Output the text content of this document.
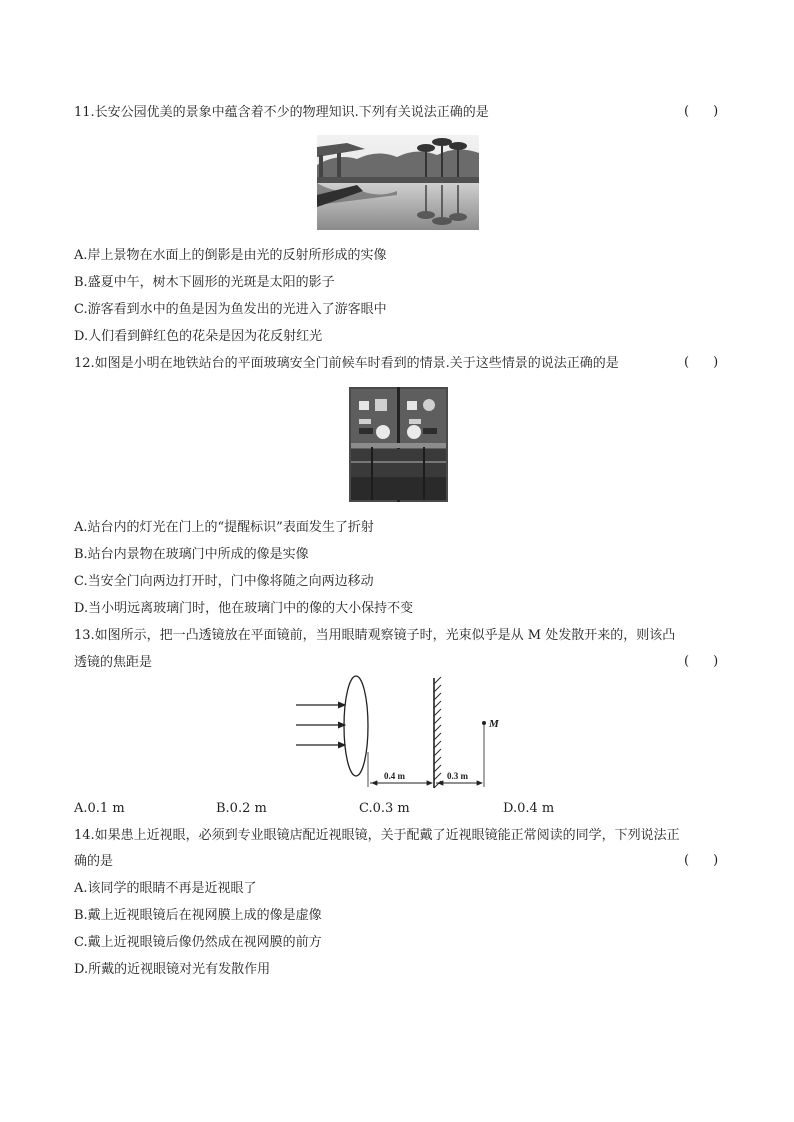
11.长安公园优美的景象中蕴含着不少的物理知识.下列有关说法正确的是	( )
A.岸上景物在水面上的倒影是由光的反射所形成的实像
B.盛夏中午，树木下圆形的光斑是太阳的影子
C.游客看到水中的鱼是因为鱼发出的光进入了游客眼中
D.人们看到鲜红色的花朵是因为花反射红光
12.如图是小明在地铁站台的平面玻璃安全门前候车时看到的情景.关于这些情景的说法正确的是	( )
A.站台内的灯光在门上的“提醒标识”表面发生了折射
B.站台内景物在玻璃门中所成的像是实像
C.当安全门向两边打开时，门中像将随之向两边移动
D.当小明远离玻璃门时，他在玻璃门中的像的大小保持不变
13.如图所示，把一凸透镜放在平面镜前，当用眼睛观察镜子时，光束似乎是从 M 处发散开来的，则该凸
透镜的焦距是	( )
M
0.4 m	0.3 m
A.0.1 m	B.0.2 m	C.0.3 m	D.0.4 m
14.如果患上近视眼，必须到专业眼镜店配近视眼镜，关于配戴了近视眼镜能正常阅读的同学，下列说法正
确的是	( )
A.该同学的眼睛不再是近视眼了
B.戴上近视眼镜后在视网膜上成的像是虚像
C.戴上近视眼镜后像仍然成在视网膜的前方
D.所戴的近视眼镜对光有发散作用
